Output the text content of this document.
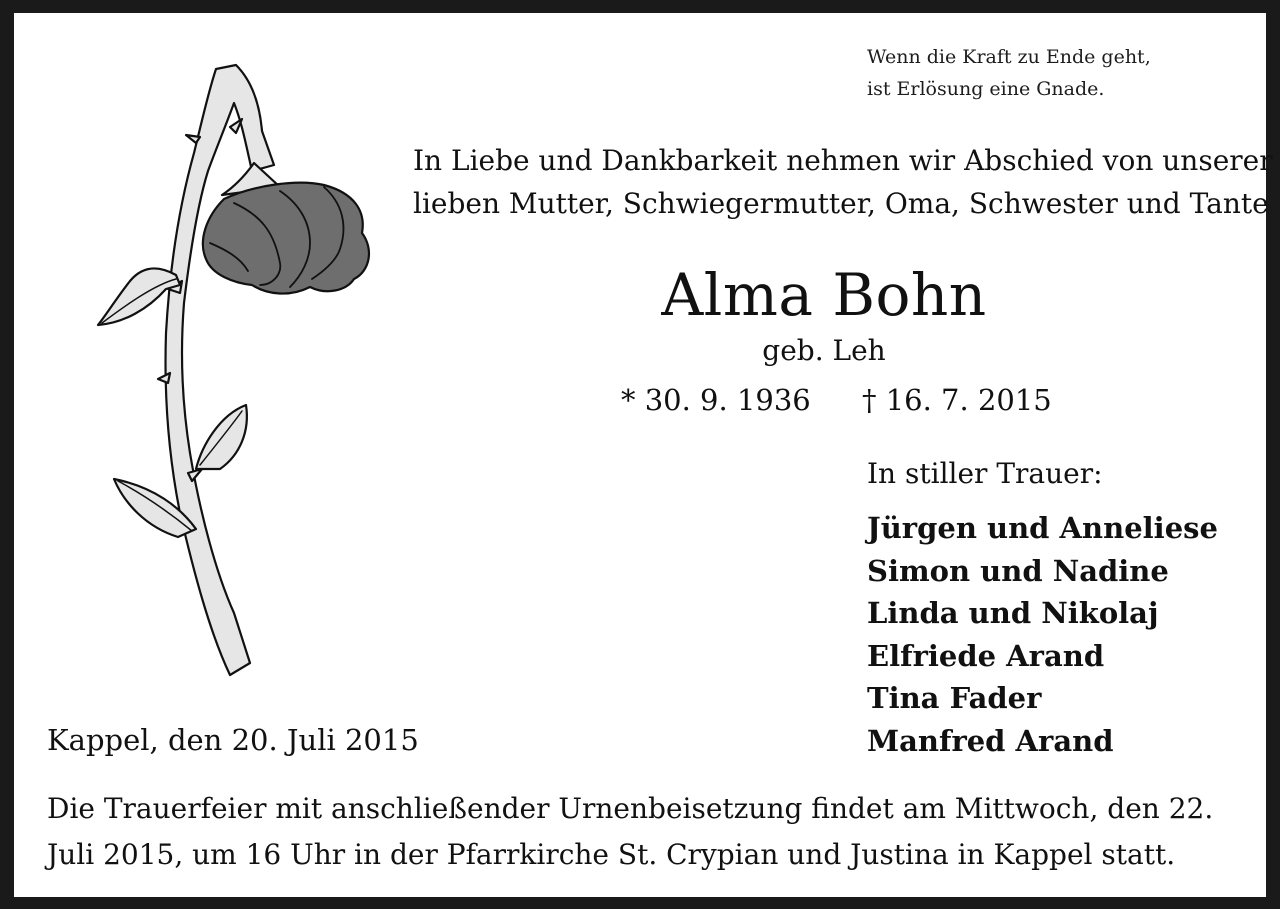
Wenn die Kraft zu Ende geht,
ist Erlösung eine Gnade.
In Liebe und Dankbarkeit nehmen wir Abschied von unserer
lieben Mutter, Schwiegermutter, Oma, Schwester und Tante
Alma Bohn
geb. Leh
* 30. 9. 1936 † 16. 7. 2015
In stiller Trauer:
Jürgen und Anneliese
Simon und Nadine
Linda und Nikolaj
Elfriede Arand
Tina Fader
Manfred Arand
Kappel, den 20. Juli 2015
Die Trauerfeier mit anschließender Urnenbeisetzung findet am Mittwoch, den 22. Juli 2015, um 16 Uhr in der Pfarrkirche St. Crypian und Justina in Kappel statt.
